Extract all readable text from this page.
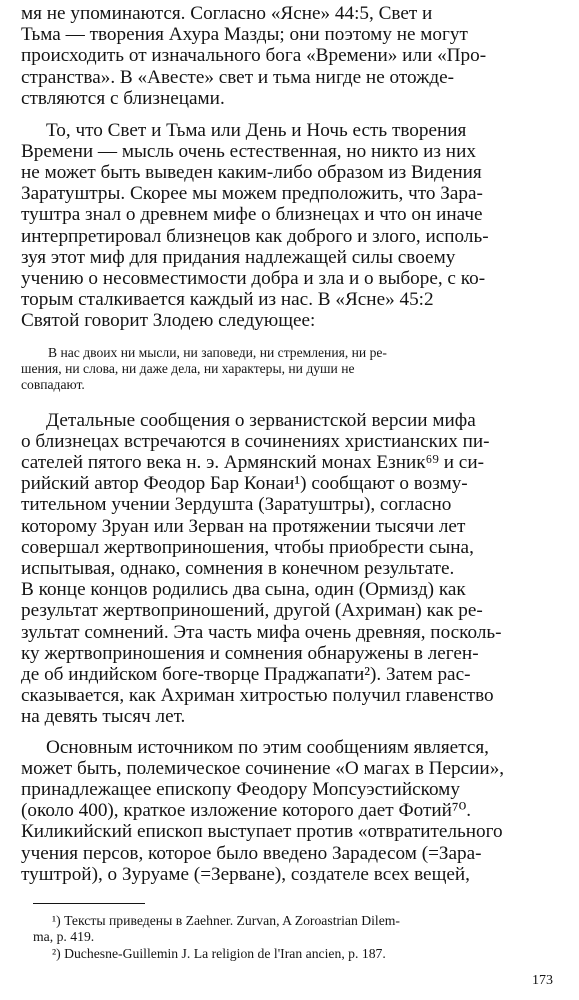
мя не упоминаются. Согласно «Ясне» 44:5, Свет и
Тьма — творения Ахура Мазды; они поэтому не могут
происходить от изначального бога «Времени» или «Про-
странства». В «Авесте» свет и тьма нигде не отожде-
ствляются с близнецами.
То, что Свет и Тьма или День и Ночь есть творения
Времени — мысль очень естественная, но никто из них
не может быть выведен каким-либо образом из Видения
Заратуштры. Скорее мы можем предположить, что Зара-
туштра знал о древнем мифе о близнецах и что он иначе
интерпретировал близнецов как доброго и злого, исполь-
зуя этот миф для придания надлежащей силы своему
учению о несовместимости добра и зла и о выборе, с ко-
торым сталкивается каждый из нас. В «Ясне» 45:2
Святой говорит Злодею следующее:
В нас двоих ни мысли, ни заповеди, ни стремления, ни ре-
шения, ни слова, ни даже дела, ни характеры, ни души не
совпадают.
Детальные сообщения о зерванистской версии мифа
о близнецах встречаются в сочинениях христианских пи-
сателей пятого века н. э. Армянский монах Езник⁶⁹ и си-
рийский автор Феодор Бар Конаи¹) сообщают о возму-
тительном учении Зердушта (Заратуштры), согласно
которому Зруан или Зерван на протяжении тысячи лет
совершал жертвоприношения, чтобы приобрести сына,
испытывая, однако, сомнения в конечном результате.
В конце концов родились два сына, один (Ормизд) как
результат жертвоприношений, другой (Ахриман) как ре-
зультат сомнений. Эта часть мифа очень древняя, посколь-
ку жертвоприношения и сомнения обнаружены в леген-
де об индийском боге-творце Праджапати²). Затем рас-
сказывается, как Ахриман хитростью получил главенство
на девять тысяч лет.
Основным источником по этим сообщениям является,
может быть, полемическое сочинение «О магах в Персии»,
принадлежащее епископу Феодору Мопсуэстийскому
(около 400), краткое изложение которого дает Фотий⁷⁰.
Киликийский епископ выступает против «отвратительного
учения персов, которое было введено Зарадесом (=Зара-
туштрой), о Зуруаме (=Зерване), создателе всех вещей,
¹) Тексты приведены в Zaehner. Zurvan, A Zoroastrian Dilem-
ma, p. 419.
²) Duchesne-Guillemin J. La religion de l'Iran ancien, p. 187.
173
